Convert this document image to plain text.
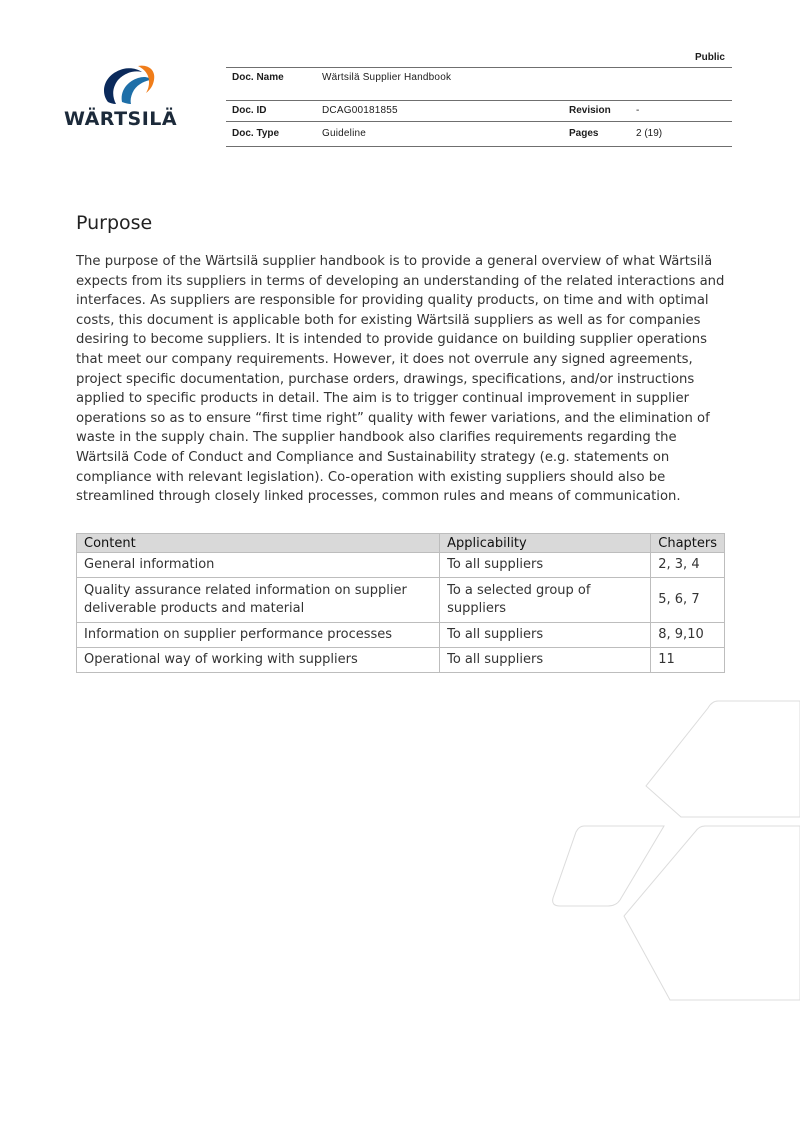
WÄRTSILÄ
Public
Doc. Name	Wärtsilä Supplier Handbook
Doc. ID	DCAG00181855	Revision	-
Doc. Type	Guideline	Pages	2 (19)
Purpose

The purpose of the Wärtsilä supplier handbook is to provide a general overview of what Wärtsilä expects from its suppliers in terms of developing an understanding of the related interactions and interfaces. As suppliers are responsible for providing quality products, on time and with optimal costs, this document is applicable both for existing Wärtsilä suppliers as well as for companies desiring to become suppliers. It is intended to provide guidance on building supplier operations that meet our company requirements. However, it does not overrule any signed agreements, project specific documentation, purchase orders, drawings, specifications, and/or instructions applied to specific products in detail. The aim is to trigger continual improvement in supplier operations so as to ensure “first time right” quality with fewer variations, and the elimination of waste in the supply chain. The supplier handbook also clarifies requirements regarding the Wärtsilä Code of Conduct and Compliance and Sustainability strategy (e.g. statements on compliance with relevant legislation). Co-operation with existing suppliers should also be streamlined through closely linked processes, common rules and means of communication.

Content	Applicability	Chapters
General information	To all suppliers	2, 3, 4
Quality assurance related information on supplier deliverable products and material	To a selected group of suppliers	5, 6, 7
Information on supplier performance processes	To all suppliers	8, 9,10
Operational way of working with suppliers	To all suppliers	11
